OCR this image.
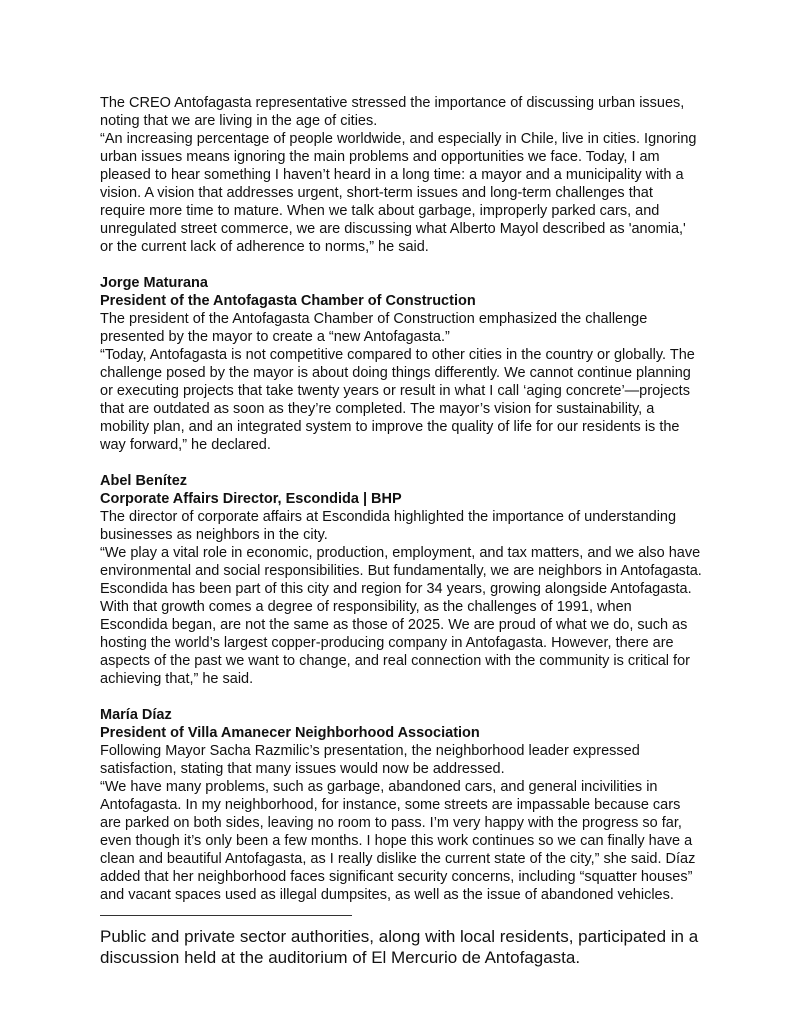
The CREO Antofagasta representative stressed the importance of discussing urban issues, noting that we are living in the age of cities.

“An increasing percentage of people worldwide, and especially in Chile, live in cities. Ignoring urban issues means ignoring the main problems and opportunities we face. Today, I am pleased to hear something I haven’t heard in a long time: a mayor and a municipality with a vision. A vision that addresses urgent, short-term issues and long-term challenges that require more time to mature. When we talk about garbage, improperly parked cars, and unregulated street commerce, we are discussing what Alberto Mayol described as 'anomia,' or the current lack of adherence to norms,” he said.

Jorge Maturana

President of the Antofagasta Chamber of Construction

The president of the Antofagasta Chamber of Construction emphasized the challenge presented by the mayor to create a “new Antofagasta.”

“Today, Antofagasta is not competitive compared to other cities in the country or globally. The challenge posed by the mayor is about doing things differently. We cannot continue planning or executing projects that take twenty years or result in what I call ‘aging concrete’—projects that are outdated as soon as they’re completed. The mayor’s vision for sustainability, a mobility plan, and an integrated system to improve the quality of life for our residents is the way forward,” he declared.

Abel Benítez

Corporate Affairs Director, Escondida | BHP

The director of corporate affairs at Escondida highlighted the importance of understanding businesses as neighbors in the city.

“We play a vital role in economic, production, employment, and tax matters, and we also have environmental and social responsibilities. But fundamentally, we are neighbors in Antofagasta. Escondida has been part of this city and region for 34 years, growing alongside Antofagasta. With that growth comes a degree of responsibility, as the challenges of 1991, when Escondida began, are not the same as those of 2025. We are proud of what we do, such as hosting the world’s largest copper-producing company in Antofagasta. However, there are aspects of the past we want to change, and real connection with the community is critical for achieving that,” he said.

María Díaz

President of Villa Amanecer Neighborhood Association

Following Mayor Sacha Razmilic’s presentation, the neighborhood leader expressed satisfaction, stating that many issues would now be addressed.

“We have many problems, such as garbage, abandoned cars, and general incivilities in Antofagasta. In my neighborhood, for instance, some streets are impassable because cars are parked on both sides, leaving no room to pass. I’m very happy with the progress so far, even though it’s only been a few months. I hope this work continues so we can finally have a clean and beautiful Antofagasta, as I really dislike the current state of the city,” she said. Díaz added that her neighborhood faces significant security concerns, including “squatter houses” and vacant spaces used as illegal dumpsites, as well as the issue of abandoned vehicles.

——————————————————

Public and private sector authorities, along with local residents, participated in a discussion held at the auditorium of El Mercurio de Antofagasta.
